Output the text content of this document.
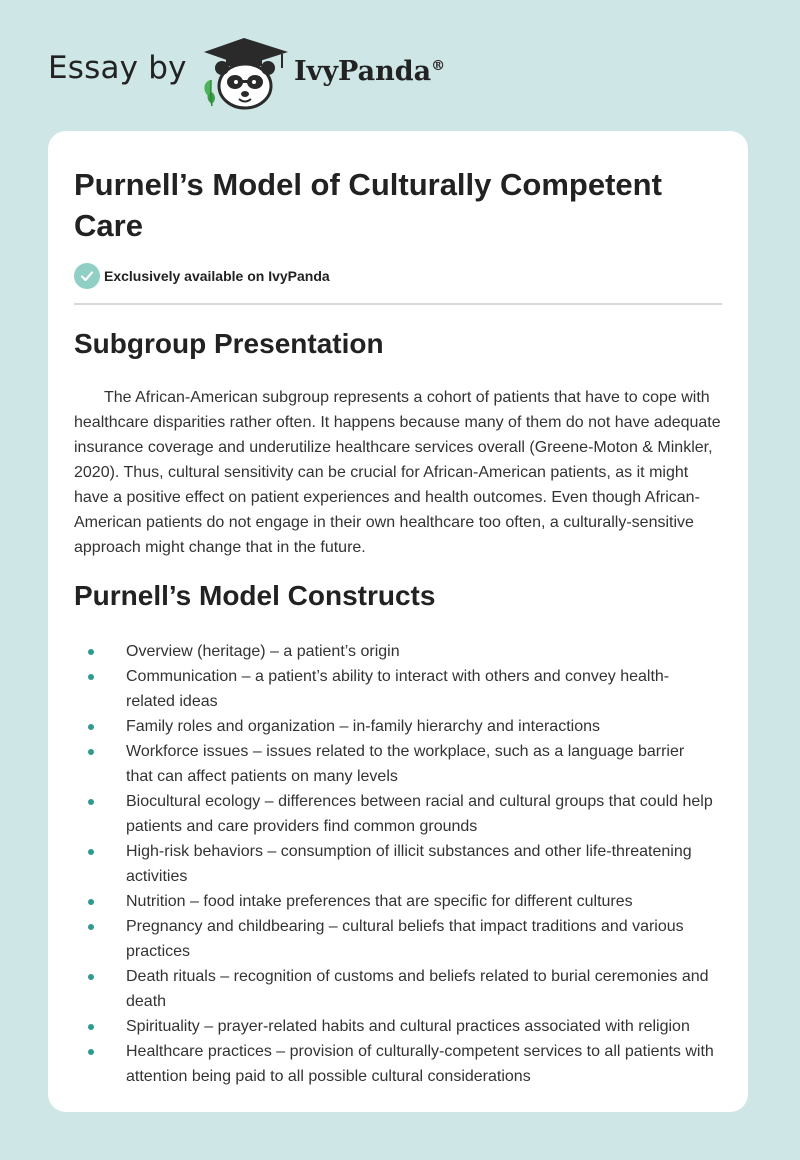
Essay by	IvyPanda®
Purnell’s Model of Culturally Competent Care
Exclusively available on IvyPanda
Subgroup Presentation

The African-American subgroup represents a cohort of patients that have to cope with healthcare disparities rather often. It happens because many of them do not have adequate insurance coverage and underutilize healthcare services overall (Greene-Moton & Minkler, 2020). Thus, cultural sensitivity can be crucial for African-American patients, as it might have a positive effect on patient experiences and health outcomes. Even though African-American patients do not engage in their own healthcare too often, a culturally-sensitive approach might change that in the future.

Purnell’s Model Constructs
Overview (heritage) – a patient’s origin
Communication – a patient’s ability to interact with others and convey health-related ideas
Family roles and organization – in-family hierarchy and interactions
Workforce issues – issues related to the workplace, such as a language barrier that can affect patients on many levels
Biocultural ecology – differences between racial and cultural groups that could help patients and care providers find common grounds
High-risk behaviors – consumption of illicit substances and other life-threatening activities
Nutrition – food intake preferences that are specific for different cultures
Pregnancy and childbearing – cultural beliefs that impact traditions and various practices
Death rituals – recognition of customs and beliefs related to burial ceremonies and death
Spirituality – prayer-related habits and cultural practices associated with religion
Healthcare practices – provision of culturally-competent services to all patients with attention being paid to all possible cultural considerations
